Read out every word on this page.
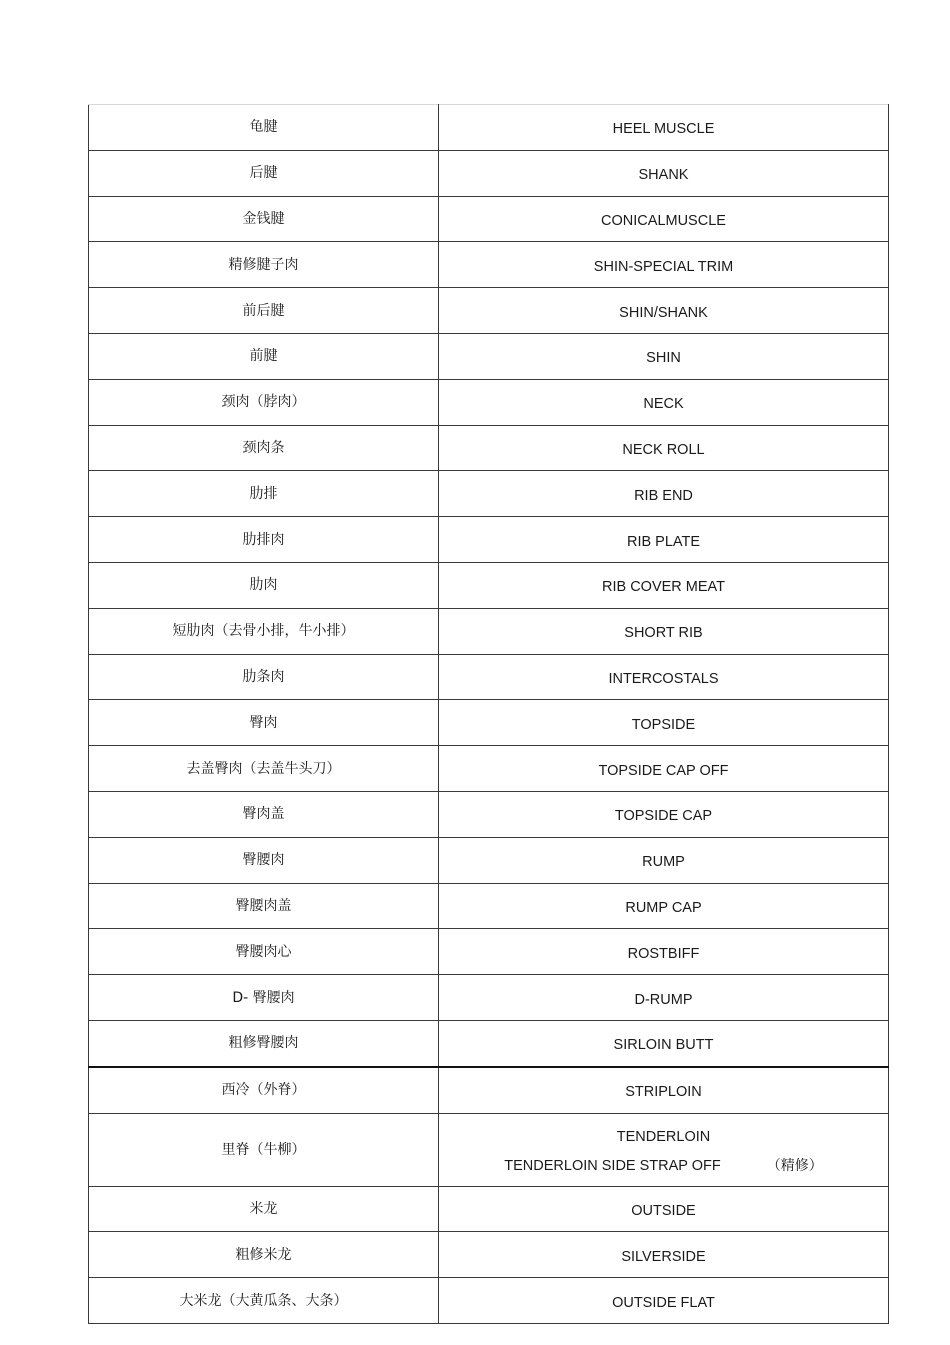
龟腱	HEEL MUSCLE
后腱	SHANK
金钱腱	CONICALMUSCLE
精修腱子肉	SHIN-SPECIAL TRIM
前后腱	SHIN/SHANK
前腱	SHIN
颈肉（脖肉）	NECK
颈肉条	NECK ROLL
肋排	RIB END
肋排肉	RIB PLATE
肋肉	RIB COVER MEAT
短肋肉（去骨小排，牛小排）	SHORT RIB
肋条肉	INTERCOSTALS
臀肉	TOPSIDE
去盖臀肉（去盖牛头刀）	TOPSIDE CAP OFF
臀肉盖	TOPSIDE CAP
臀腰肉	RUMP
臀腰肉盖	RUMP CAP
臀腰肉心	ROSTBIFF
D- 臀腰肉	D-RUMP
粗修臀腰肉	SIRLOIN BUTT
西冷（外脊）	STRIPLOIN
里脊（牛柳）	TENDERLOIN
TENDERLOIN SIDE STRAP OFF （精修）

米龙	OUTSIDE
粗修米龙	SILVERSIDE
大米龙（大黄瓜条、大条）	OUTSIDE FLAT
